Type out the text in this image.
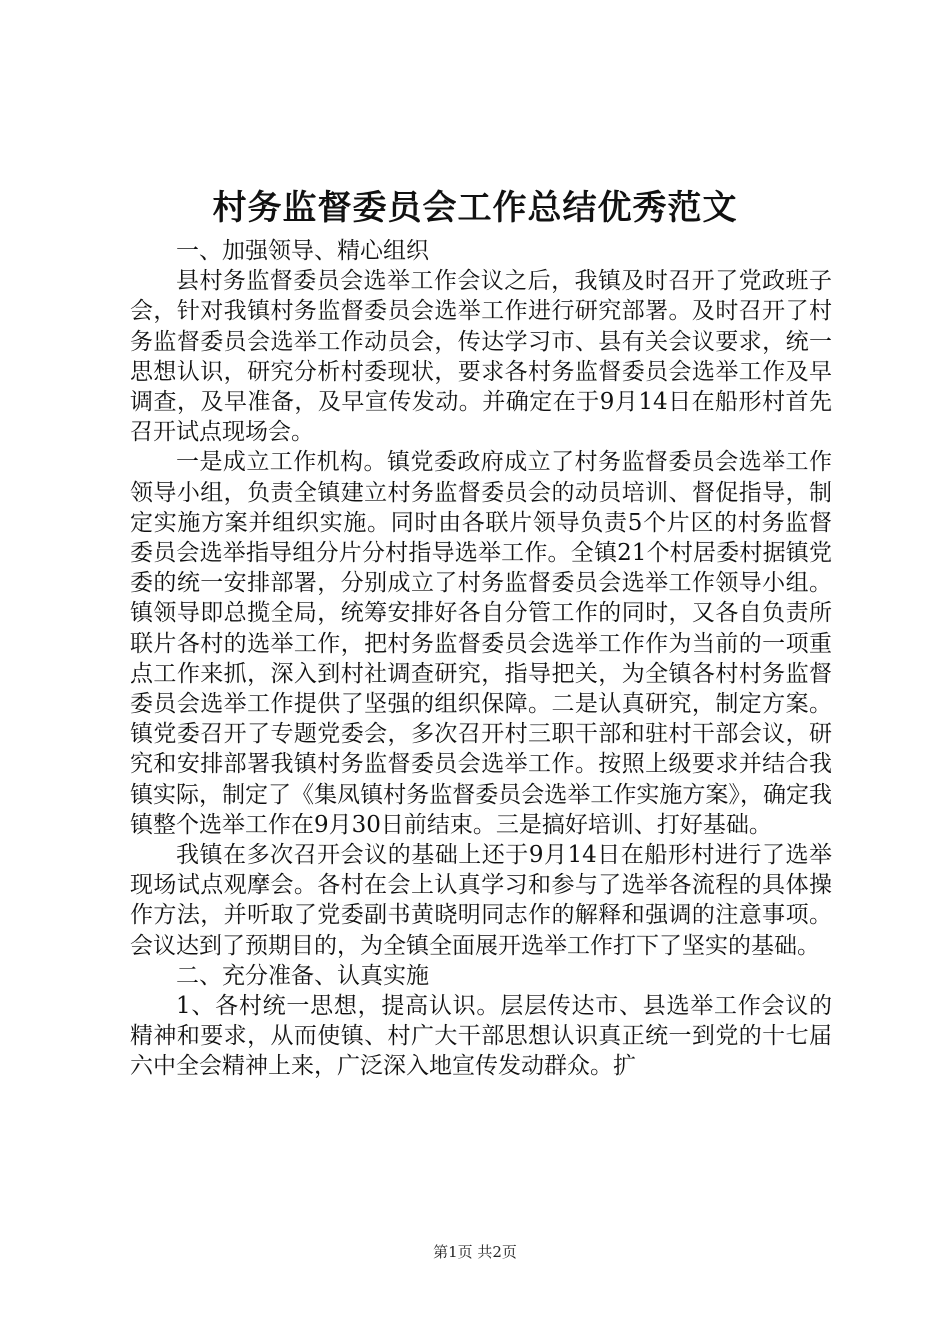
村务监督委员会工作总结优秀范文

一、加强领导、精心组织

县村务监督委员会选举工作会议之后，我镇及时召开了党政班子会，针对我镇村务监督委员会选举工作进行研究部署。及时召开了村务监督委员会选举工作动员会，传达学习市、县有关会议要求，统一思想认识，研究分析村委现状，要求各村务监督委员会选举工作及早调查，及早准备，及早宣传发动。并确定在于9月14日在船形村首先召开试点现场会。

一是成立工作机构。镇党委政府成立了村务监督委员会选举工作领导小组，负责全镇建立村务监督委员会的动员培训、督促指导，制定实施方案并组织实施。同时由各联片领导负责5个片区的村务监督委员会选举指导组分片分村指导选举工作。全镇21个村居委村据镇党委的统一安排部署，分别成立了村务监督委员会选举工作领导小组。镇领导即总揽全局，统筹安排好各自分管工作的同时，又各自负责所联片各村的选举工作，把村务监督委员会选举工作作为当前的一项重点工作来抓，深入到村社调查研究，指导把关，为全镇各村村务监督委员会选举工作提供了坚强的组织保障。二是认真研究，制定方案。镇党委召开了专题党委会，多次召开村三职干部和驻村干部会议，研究和安排部署我镇村务监督委员会选举工作。按照上级要求并结合我镇实际，制定了《集凤镇村务监督委员会选举工作实施方案》，确定我镇整个选举工作在9月30日前结束。三是搞好培训、打好基础。

我镇在多次召开会议的基础上还于9月14日在船形村进行了选举现场试点观摩会。各村在会上认真学习和参与了选举各流程的具体操作方法，并听取了党委副书黄晓明同志作的解释和强调的注意事项。会议达到了预期目的，为全镇全面展开选举工作打下了坚实的基础。

二、充分准备、认真实施

1、各村统一思想，提高认识。层层传达市、县选举工作会议的精神和要求，从而使镇、村广大干部思想认识真正统一到党的十七届六中全会精神上来，广泛深入地宣传发动群众。扩

第1页 共2页
